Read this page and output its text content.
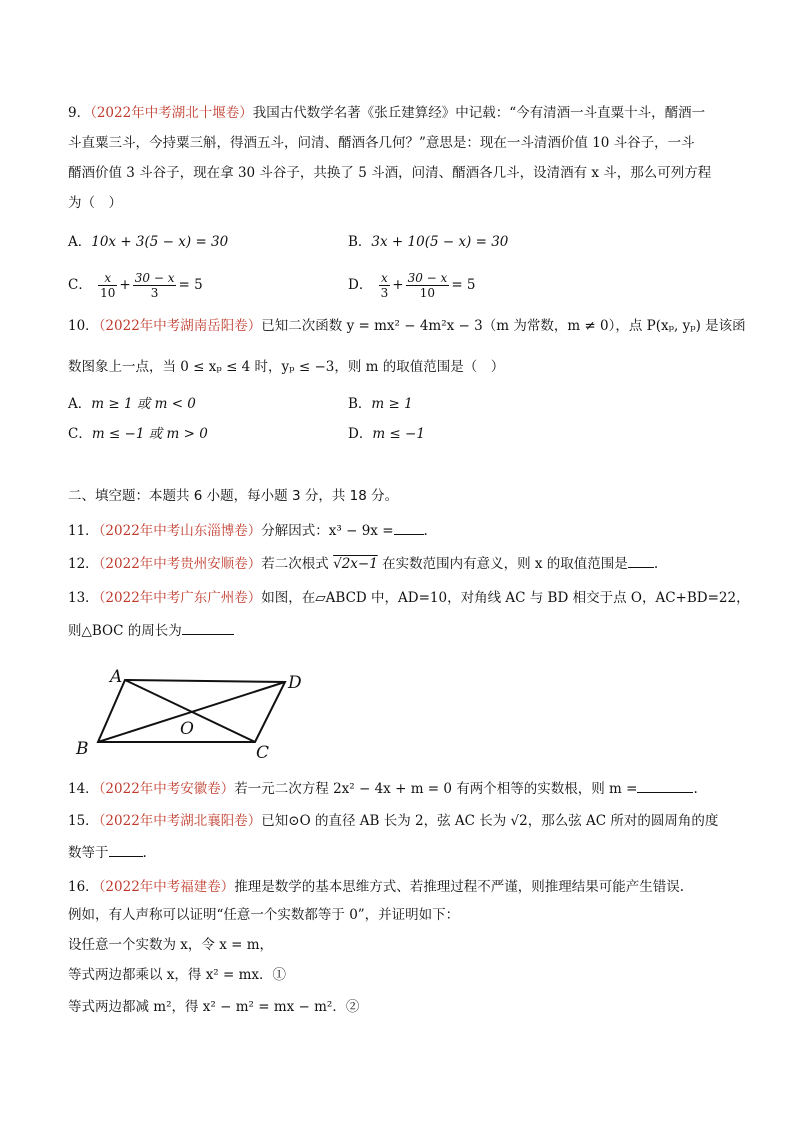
9．（2022年中考湖北十堰卷）我国古代数学名著《张丘建算经》中记载：“今有清酒一斗直粟十斗，醑酒一
斗直粟三斗，今持粟三斛，得酒五斗，问清、醑酒各几何？”意思是：现在一斗清酒价值 10 斗谷子，一斗
醑酒价值 3 斗谷子，现在拿 30 斗谷子，共换了 5 斗酒，问清、醑酒各几斗，设清酒有 x 斗，那么可列方程
为（　）
A．10x + 3(5 − x) = 30	B．3x + 10(5 − x) = 30
C． $\frac{x}{10} + \frac{30 - x}{3} = 5$	D． $\frac{x}{3} + \frac{30 - x}{10} = 5$
10．（2022年中考湖南岳阳卷）已知二次函数 y = mx² − 4m²x − 3（m 为常数，m ≠ 0），点 P(xₚ, yₚ) 是该函
数图象上一点，当 0 ≤ xₚ ≤ 4 时，yₚ ≤ −3，则 m 的取值范围是（　）
A．m ≥ 1 或 m < 0	B．m ≥ 1
C．m ≤ −1 或 m > 0	D．m ≤ −1
二、填空题：本题共 6 小题，每小题 3 分，共 18 分。
11．（2022年中考山东淄博卷）分解因式：x³ − 9x = .
12．（2022年中考贵州安顺卷）若二次根式 √2x−1 在实数范围内有意义，则 x 的取值范围是 .
13．（2022年中考广东广州卷）如图，在▱ABCD 中，AD=10，对角线 AC 与 BD 相交于点 O，AC+BD=22，
则△BOC 的周长为
A	D
O
B	C
14．（2022年中考安徽卷）若一元二次方程 2x² − 4x + m = 0 有两个相等的实数根，则 m =	.
15．（2022年中考湖北襄阳卷）已知⊙O 的直径 AB 长为 2，弦 AC 长为 √2，那么弦 AC 所对的圆周角的度
数等于	.
16．（2022年中考福建卷）推理是数学的基本思维方式、若推理过程不严谨，则推理结果可能产生错误.
例如，有人声称可以证明“任意一个实数都等于 0”，并证明如下：
设任意一个实数为 x，令 x = m，
等式两边都乘以 x，得 x² = mx．①
等式两边都减 m²，得 x² − m² = mx − m²．②
